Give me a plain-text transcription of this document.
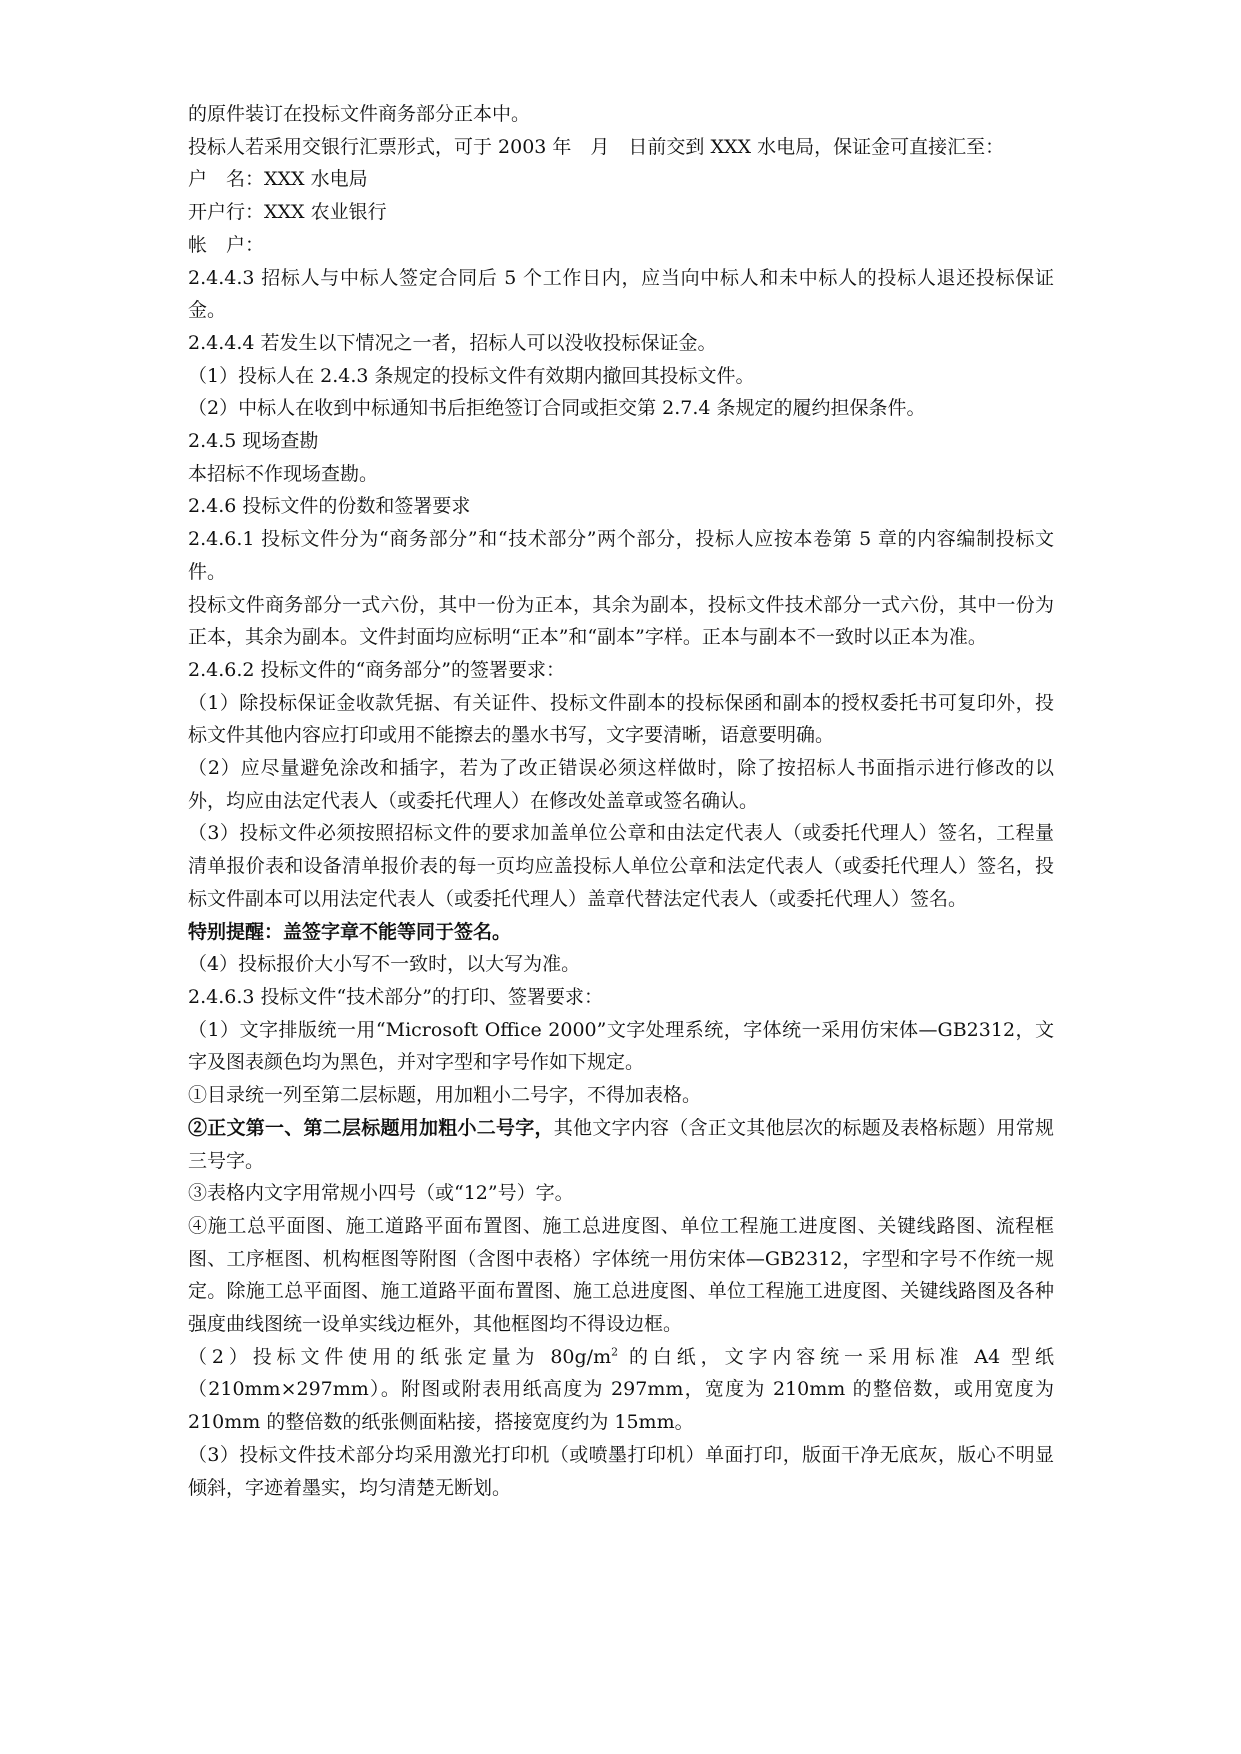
的原件装订在投标文件商务部分正本中。

投标人若采用交银行汇票形式，可于 2003 年　月　日前交到 XXX 水电局，保证金可直接汇至：

户　名：XXX 水电局

开户行：XXX 农业银行

帐　户：

2.4.4.3 招标人与中标人签定合同后 5 个工作日内，应当向中标人和未中标人的投标人退还投标保证金。

2.4.4.4 若发生以下情况之一者，招标人可以没收投标保证金。

（1）投标人在 2.4.3 条规定的投标文件有效期内撤回其投标文件。

（2）中标人在收到中标通知书后拒绝签订合同或拒交第 2.7.4 条规定的履约担保条件。

2.4.5 现场查勘

本招标不作现场查勘。

2.4.6 投标文件的份数和签署要求

2.4.6.1 投标文件分为“商务部分”和“技术部分”两个部分，投标人应按本卷第 5 章的内容编制投标文件。

投标文件商务部分一式六份，其中一份为正本，其余为副本，投标文件技术部分一式六份，其中一份为正本，其余为副本。文件封面均应标明“正本”和“副本”字样。正本与副本不一致时以正本为准。

2.4.6.2 投标文件的“商务部分”的签署要求：

（1）除投标保证金收款凭据、有关证件、投标文件副本的投标保函和副本的授权委托书可复印外，投标文件其他内容应打印或用不能擦去的墨水书写，文字要清晰，语意要明确。

（2）应尽量避免涂改和插字，若为了改正错误必须这样做时，除了按招标人书面指示进行修改的以外，均应由法定代表人（或委托代理人）在修改处盖章或签名确认。

（3）投标文件必须按照招标文件的要求加盖单位公章和由法定代表人（或委托代理人）签名，工程量清单报价表和设备清单报价表的每一页均应盖投标人单位公章和法定代表人（或委托代理人）签名，投标文件副本可以用法定代表人（或委托代理人）盖章代替法定代表人（或委托代理人）签名。

特别提醒：盖签字章不能等同于签名。

（4）投标报价大小写不一致时，以大写为准。

2.4.6.3 投标文件“技术部分”的打印、签署要求：

（1）文字排版统一用“Microsoft Office 2000”文字处理系统，字体统一采用仿宋体—GB2312，文字及图表颜色均为黑色，并对字型和字号作如下规定。

①目录统一列至第二层标题，用加粗小二号字，不得加表格。

②正文第一、第二层标题用加粗小二号字，其他文字内容（含正文其他层次的标题及表格标题）用常规三号字。

③表格内文字用常规小四号（或“12”号）字。

④施工总平面图、施工道路平面布置图、施工总进度图、单位工程施工进度图、关键线路图、流程框图、工序框图、机构框图等附图（含图中表格）字体统一用仿宋体—GB2312，字型和字号不作统一规定。除施工总平面图、施工道路平面布置图、施工总进度图、单位工程施工进度图、关键线路图及各种强度曲线图统一设单实线边框外，其他框图均不得设边框。

（2）投标文件使用的纸张定量为 $80g/m^2$ 的白纸，文字内容统一采用标准 A4 型纸（210mm×297mm）。附图或附表用纸高度为 297mm，宽度为 210mm 的整倍数，或用宽度为 210mm 的整倍数的纸张侧面粘接，搭接宽度约为 15mm。

（3）投标文件技术部分均采用激光打印机（或喷墨打印机）单面打印，版面干净无底灰，版心不明显倾斜，字迹着墨实，均匀清楚无断划。
